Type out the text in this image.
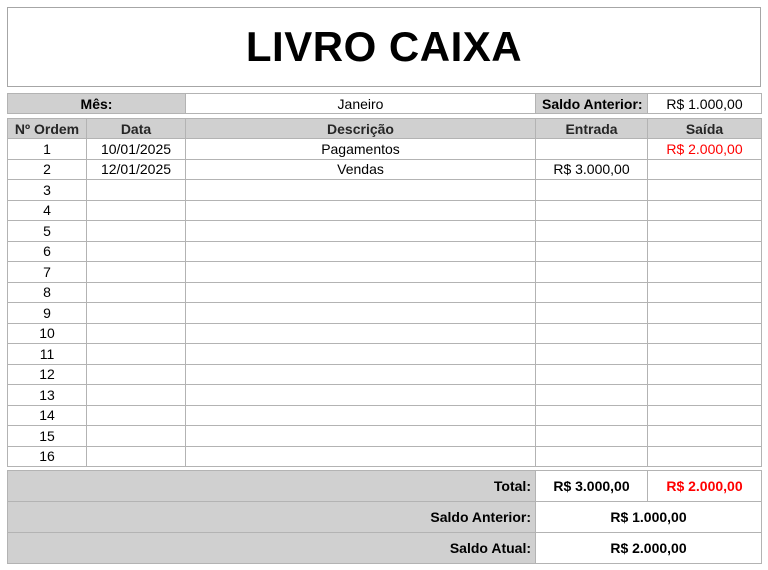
LIVRO CAIXA
Mês:	Janeiro	Saldo Anterior:	R$ 1.000,00
Nº Ordem	Data	Descrição	Entrada	Saída
1	10/01/2025	Pagamentos		R$ 2.000,00
2	12/01/2025	Vendas	R$ 3.000,00	
3				
4				
5				
6				
7				
8				
9				
10				
11				
12				
13				
14				
15				
16				
Total:	R$ 3.000,00	R$ 2.000,00
Saldo Anterior:	R$ 1.000,00	
Saldo Atual:	R$ 2.000,00	
